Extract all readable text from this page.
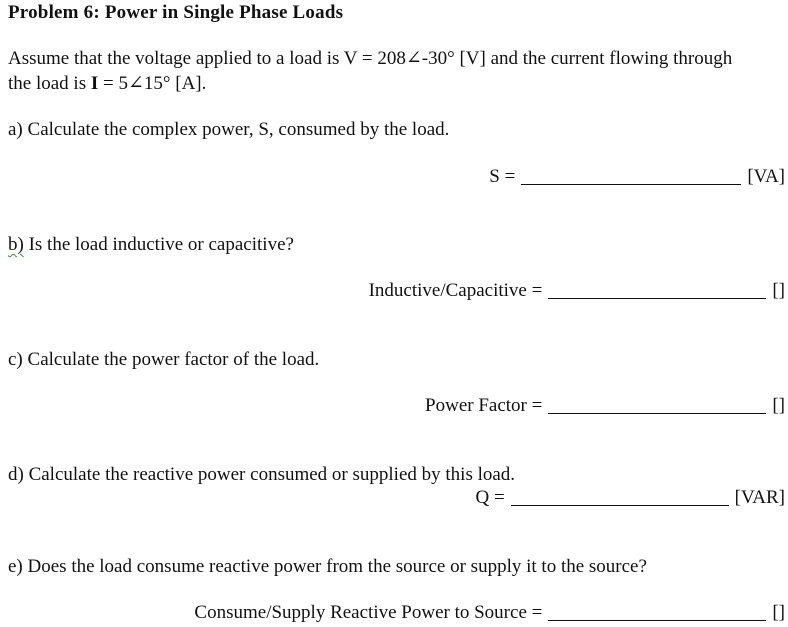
Problem 6: Power in Single Phase Loads
Assume that the voltage applied to a load is V = 208∠-30° [V] and the current flowing through
the load is I = 5∠15° [A].
a) Calculate the complex power, S, consumed by the load.
S =	[VA]
b) Is the load inductive or capacitive?
Inductive/Capacitive =	[]
c) Calculate the power factor of the load.
Power Factor =	[]
d) Calculate the reactive power consumed or supplied by this load.
Q =	[VAR]
e) Does the load consume reactive power from the source or supply it to the source?
Consume/Supply Reactive Power to Source =	[]
